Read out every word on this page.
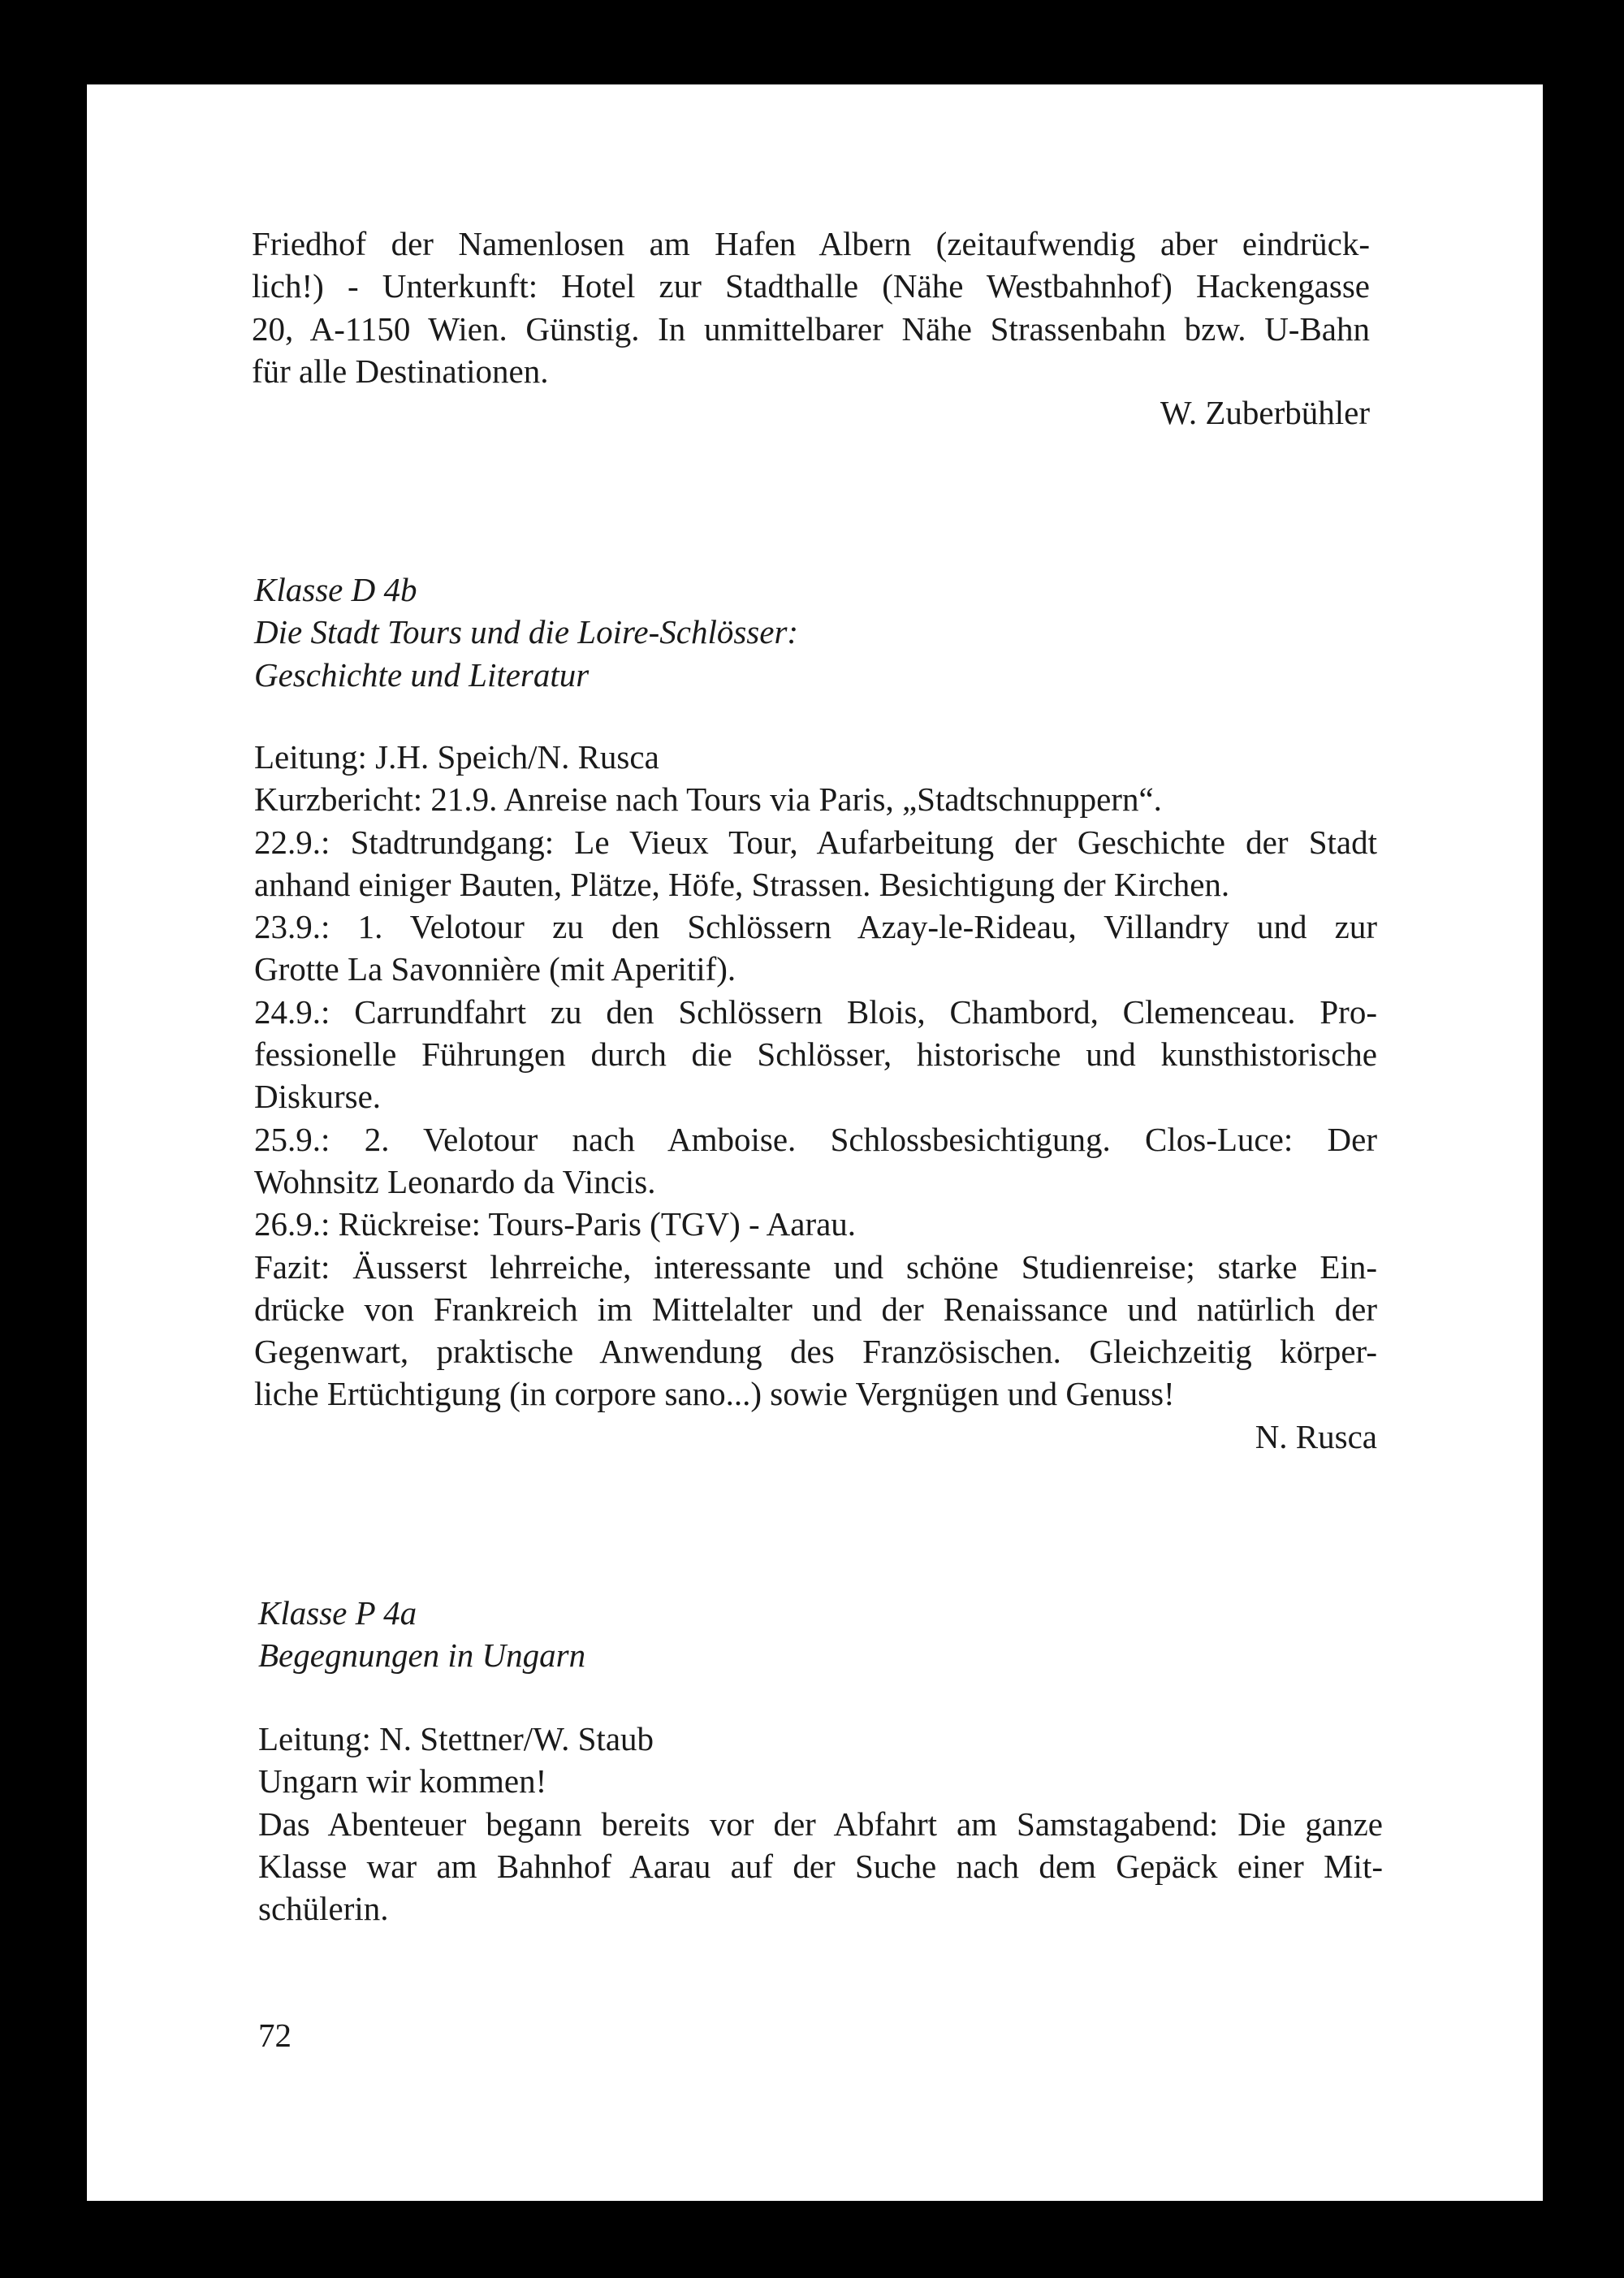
Friedhof der Namenlosen am Hafen Albern (zeitaufwendig aber eindrück-
lich!) - Unterkunft: Hotel zur Stadthalle (Nähe Westbahnhof) Hackengasse
20, A-1150 Wien. Günstig. In unmittelbarer Nähe Strassenbahn bzw. U-Bahn
für alle Destinationen.
W. Zuberbühler
Klasse D 4b
Die Stadt Tours und die Loire-Schlösser:
Geschichte und Literatur
Leitung: J.H. Speich/N. Rusca
Kurzbericht: 21.9. Anreise nach Tours via Paris, „Stadtschnuppern“.
22.9.: Stadtrundgang: Le Vieux Tour, Aufarbeitung der Geschichte der Stadt
anhand einiger Bauten, Plätze, Höfe, Strassen. Besichtigung der Kirchen.
23.9.: 1. Velotour zu den Schlössern Azay-le-Rideau, Villandry und zur
Grotte La Savonnière (mit Aperitif).
24.9.: Carrundfahrt zu den Schlössern Blois, Chambord, Clemenceau. Pro-
fessionelle Führungen durch die Schlösser, historische und kunsthistorische
Diskurse.
25.9.: 2. Velotour nach Amboise. Schlossbesichtigung. Clos-Luce: Der
Wohnsitz Leonardo da Vincis.
26.9.: Rückreise: Tours-Paris (TGV) - Aarau.
Fazit: Äusserst lehrreiche, interessante und schöne Studienreise; starke Ein-
drücke von Frankreich im Mittelalter und der Renaissance und natürlich der
Gegenwart, praktische Anwendung des Französischen. Gleichzeitig körper-
liche Ertüchtigung (in corpore sano...) sowie Vergnügen und Genuss!
N. Rusca
Klasse P 4a
Begegnungen in Ungarn
Leitung: N. Stettner/W. Staub
Ungarn wir kommen!
Das Abenteuer begann bereits vor der Abfahrt am Samstagabend: Die ganze
Klasse war am Bahnhof Aarau auf der Suche nach dem Gepäck einer Mit-
schülerin.
72
